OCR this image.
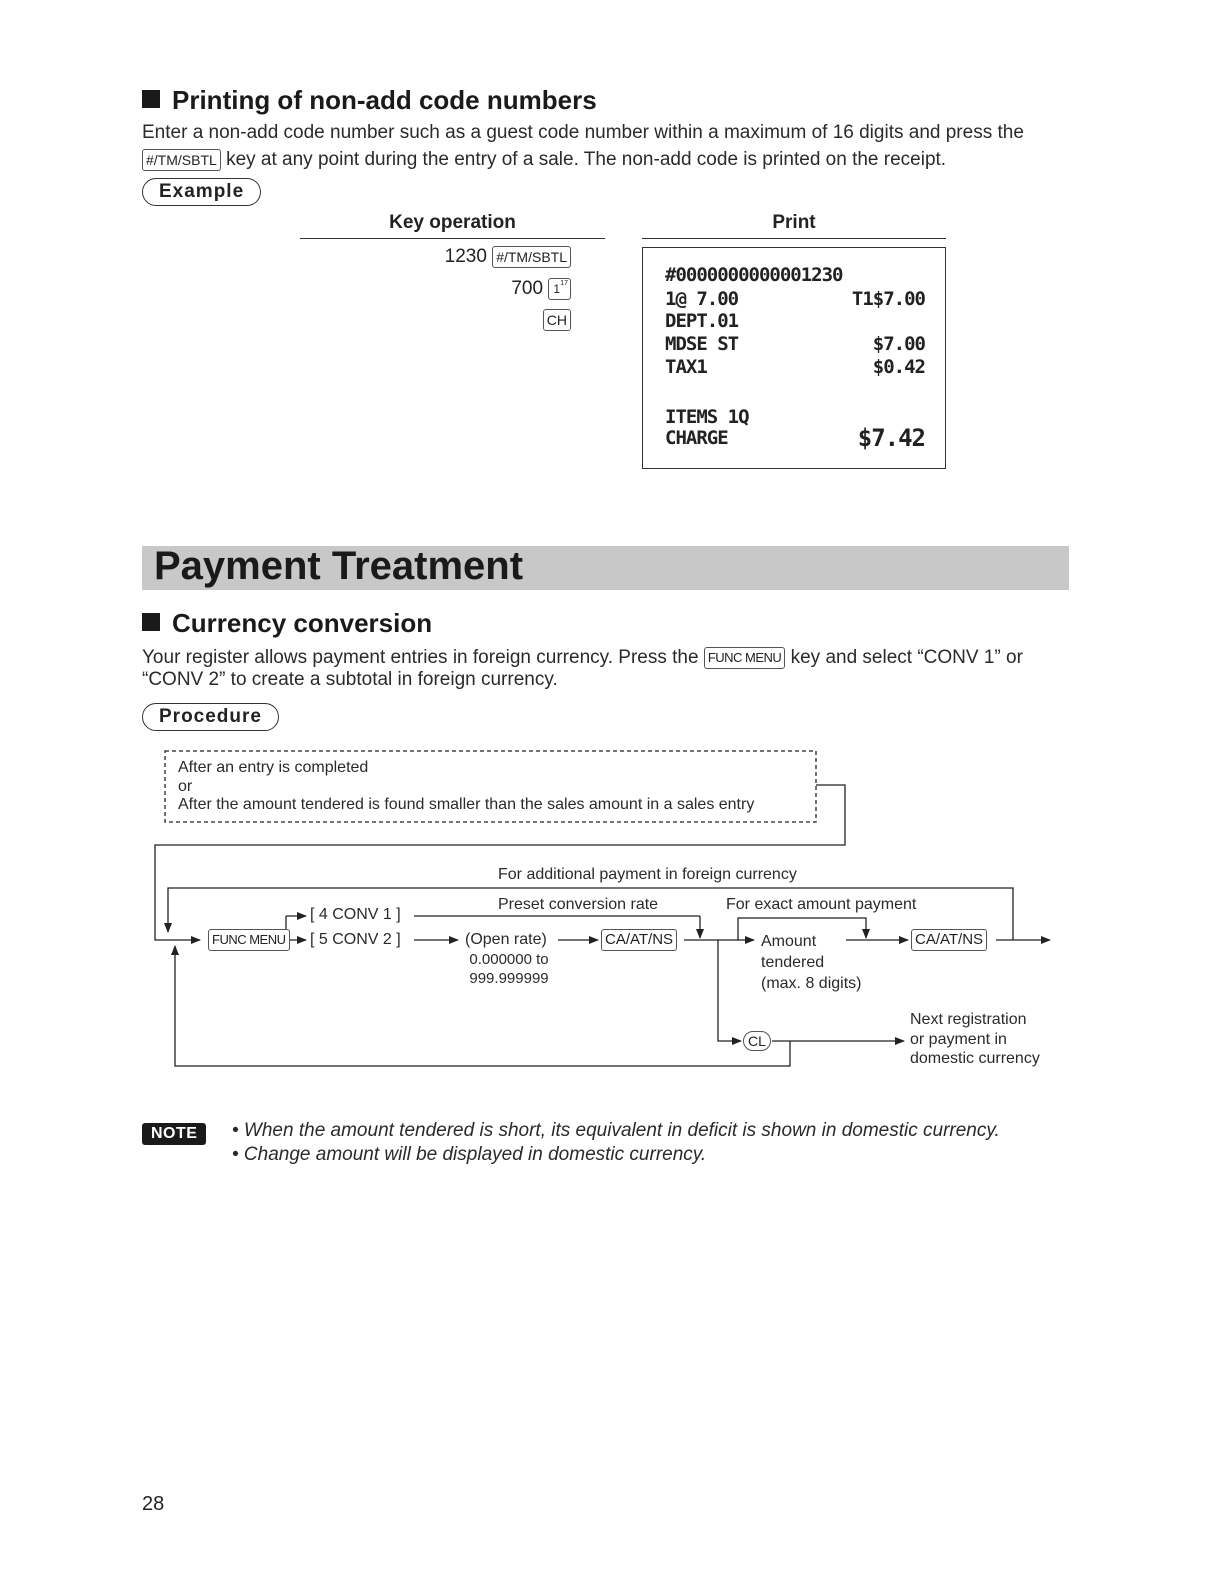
Printing of non-add code numbers
Enter a non-add code number such as a guest code number within a maximum of 16 digits and press the
#/TM/SBTL key at any point during the entry of a sale. The non-add code is printed on the receipt.
Example
Key operation	Print
1230 #/TM/SBTL
700 1 17
CH
#0000000000001230
1@ 7.00	T1$7.00
DEPT.01
MDSE ST	$7.00
TAX1	$0.42
ITEMS 1Q
CHARGE	$7.42
Payment Treatment
Currency conversion
Your register allows payment entries in foreign currency. Press the FUNC MENU key and select “CONV 1” or
“CONV 2” to create a subtotal in foreign currency.
Procedure
After an entry is completed
or
After the amount tendered is found smaller than the sales amount in a sales entry
For additional payment in foreign currency
Preset conversion rate	For exact amount payment
FUNC MENU
[ 4 CONV 1 ]
[ 5 CONV 2 ]	(Open rate)
0.000000 to
999.999999
CA/AT/NS	CA/AT/NS
Amount
tendered
(max. 8 digits)
CL
Next registration
or payment in
domestic currency
NOTE	• When the amount tendered is short, its equivalent in deficit is shown in domestic currency.
• Change amount will be displayed in domestic currency.
28
